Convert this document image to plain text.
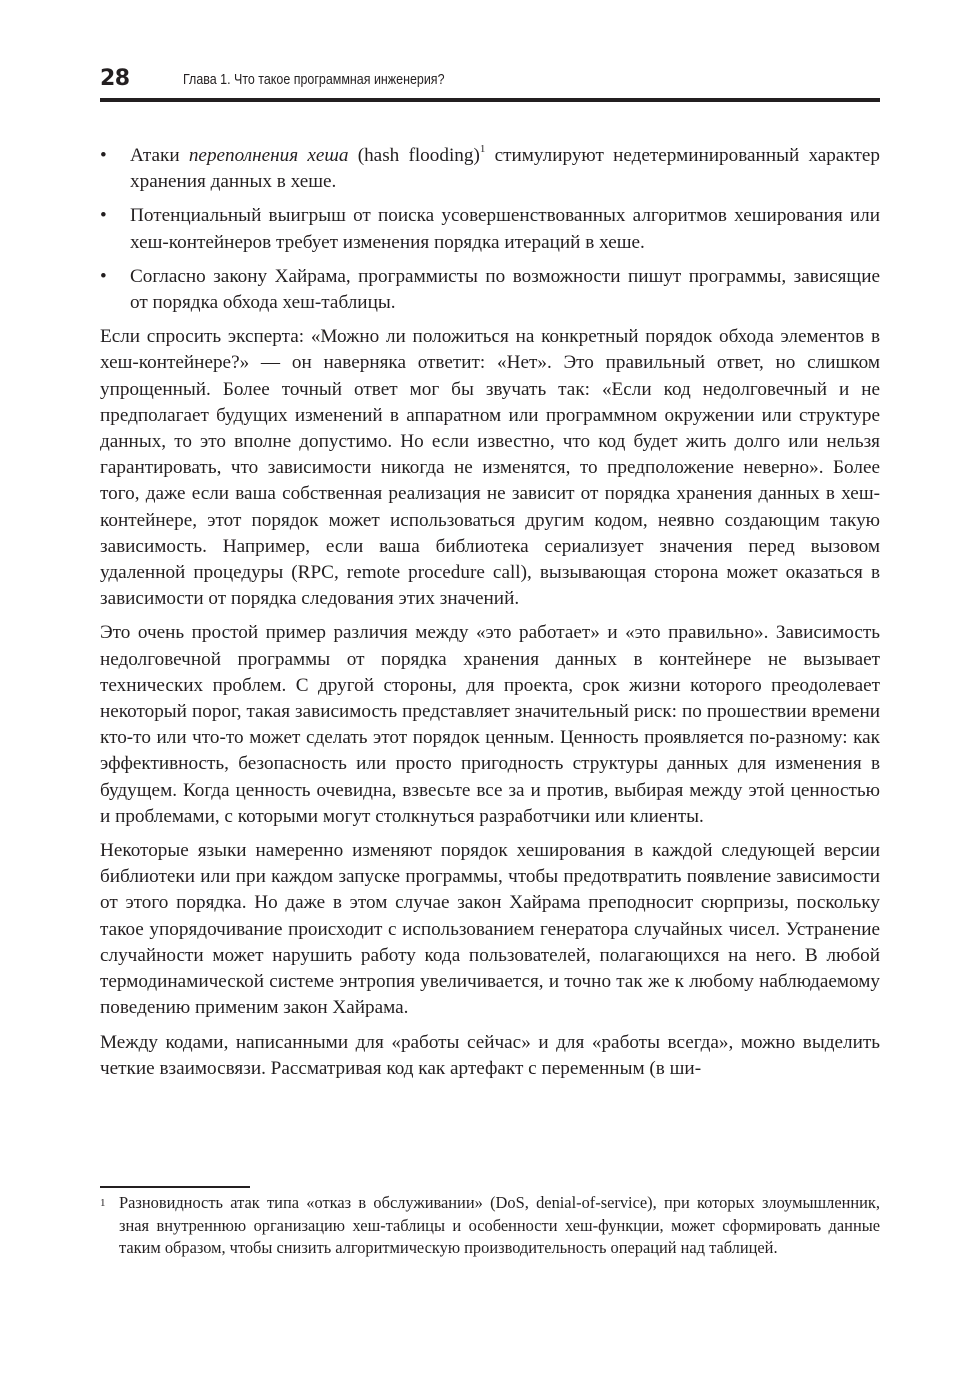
28	Глава 1. Что такое программная инженерия?
• Атаки переполнения хеша (hash flooding)$^1$ стимулируют недетерминированный характер хранения данных в хеше.
• Потенциальный выигрыш от поиска усовершенствованных алгоритмов хеширования или хеш-контейнеров требует изменения порядка итераций в хеше.
• Согласно закону Хайрама, программисты по возможности пишут программы, зависящие от порядка обхода хеш-таблицы.

Если спросить эксперта: «Можно ли положиться на конкретный порядок обхода элементов в хеш-контейнере?» — он наверняка ответит: «Нет». Это правильный ответ, но слишком упрощенный. Более точный ответ мог бы звучать так: «Если код недолговечный и не предполагает будущих изменений в аппаратном или программном окружении или структуре данных, то это вполне допустимо. Но если известно, что код будет жить долго или нельзя гарантировать, что зависимости никогда не изменятся, то предположение неверно». Более того, даже если ваша собственная реализация не зависит от порядка хранения данных в хеш-контейнере, этот порядок может использоваться другим кодом, неявно создающим такую зависимость. Например, если ваша библиотека сериализует значения перед вызовом удаленной процедуры (RPC, remote procedure call), вызывающая сторона может оказаться в зависимости от порядка следования этих значений.

Это очень простой пример различия между «это работает» и «это правильно». Зависимость недолговечной программы от порядка хранения данных в контейнере не вызывает технических проблем. С другой стороны, для проекта, срок жизни которого преодолевает некоторый порог, такая зависимость представляет значительный риск: по прошествии времени кто-то или что-то может сделать этот порядок ценным. Ценность проявляется по-разному: как эффективность, безопасность или просто пригодность структуры данных для изменения в будущем. Когда ценность очевидна, взвесьте все за и против, выбирая между этой ценностью и проблемами, с которыми могут столкнуться разработчики или клиенты.

Некоторые языки намеренно изменяют порядок хеширования в каждой следующей версии библиотеки или при каждом запуске программы, чтобы предотвратить появление зависимости от этого порядка. Но даже в этом случае закон Хайрама преподносит сюрпризы, поскольку такое упорядочивание происходит с использованием генератора случайных чисел. Устранение случайности может нарушить работу кода пользователей, полагающихся на него. В любой термодинамической системе энтропия увеличивается, и точно так же к любому наблюдаемому поведению применим закон Хайрама.

Между кодами, написанными для «работы сейчас» и для «работы всегда», можно выделить четкие взаимосвязи. Рассматривая код как артефакт с переменным (в ши-

1 Разновидность атак типа «отказ в обслуживании» (DoS, denial-of-service), при которых злоумышленник, зная внутреннюю организацию хеш-таблицы и особенности хеш-функции, может сформировать данные таким образом, чтобы снизить алгоритмическую производительность операций над таблицей.
